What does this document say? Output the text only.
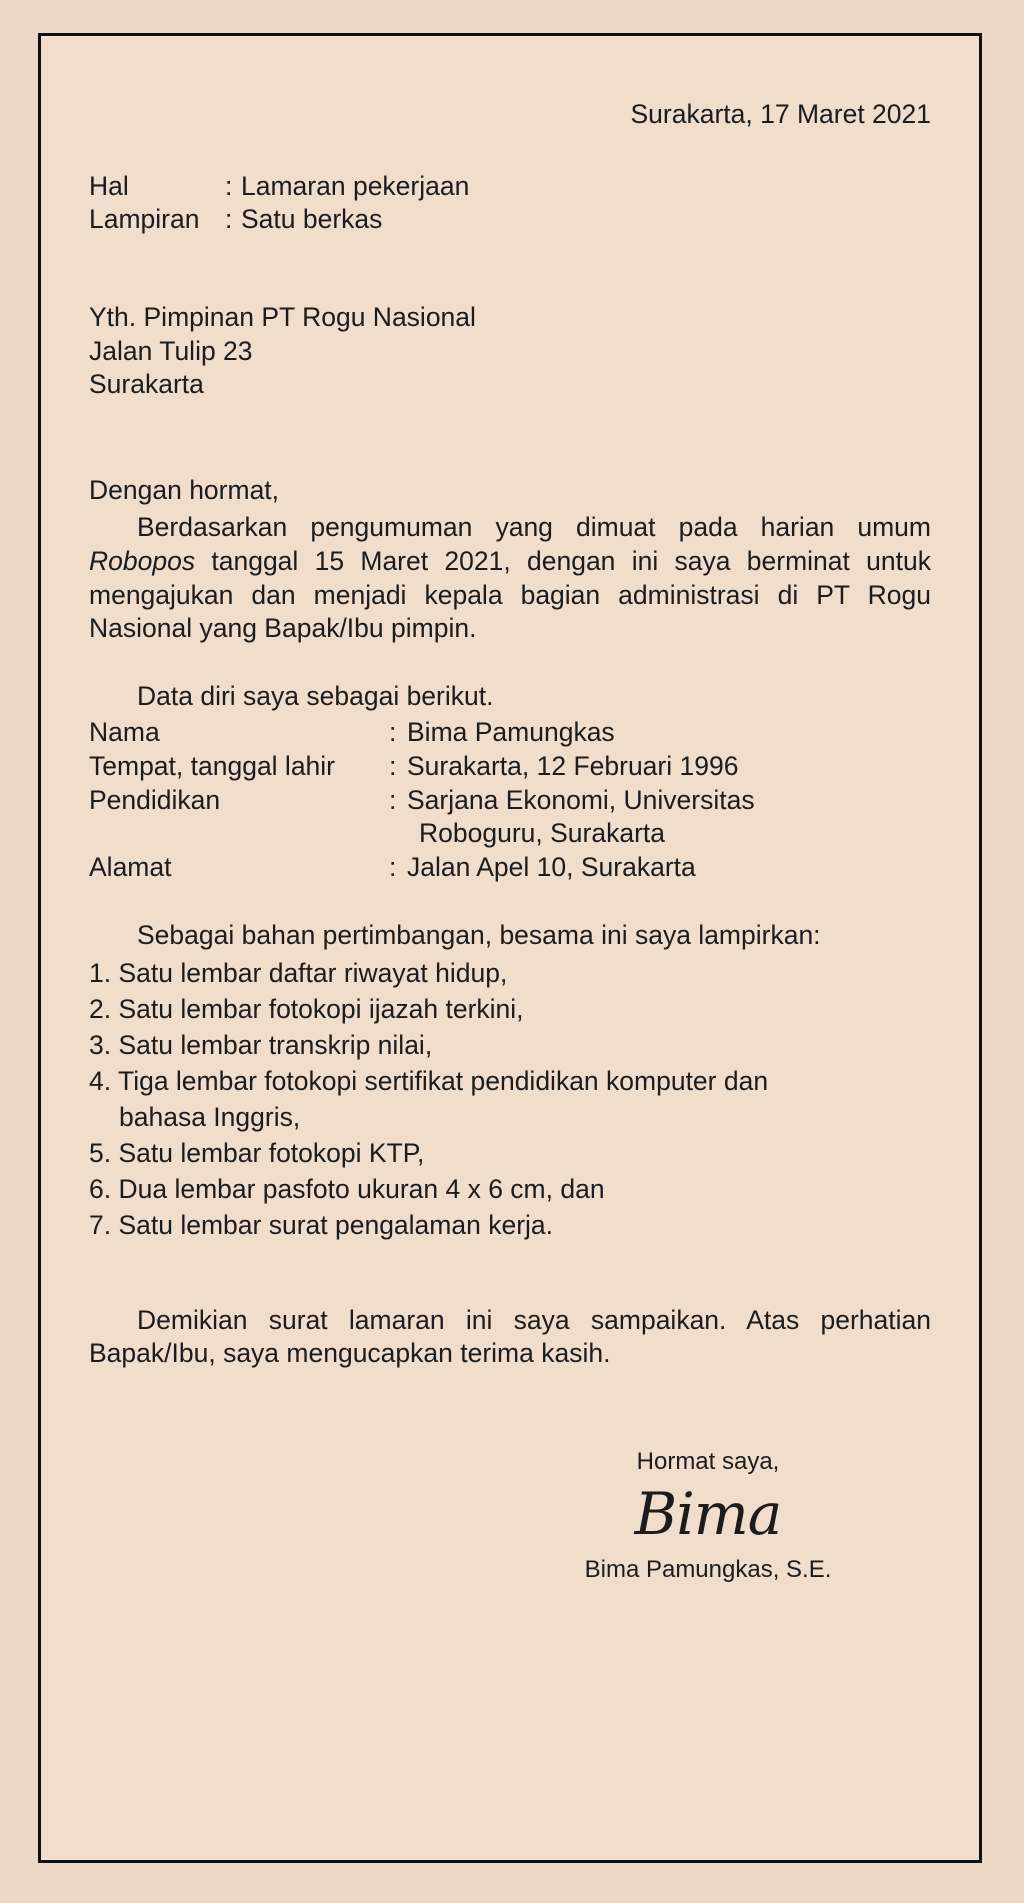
Surakarta, 17 Maret 2021
Hal	: Lamaran pekerjaan
Lampiran : Satu berkas
Yth. Pimpinan PT Rogu Nasional
Jalan Tulip 23
Surakarta
Dengan hormat,

Berdasarkan pengumuman yang dimuat pada harian umum Robopos tanggal 15 Maret 2021, dengan ini saya berminat untuk mengajukan dan menjadi kepala bagian administrasi di PT Rogu Nasional yang Bapak/Ibu pimpin.

Data diri saya sebagai berikut.
Nama	:	Bima Pamungkas
Tempat, tanggal lahir	:	Surakarta, 12 Februari 1996
Pendidikan	:	Sarjana Ekonomi, Universitas
		Roboguru, Surakarta
Alamat	:	Jalan Apel 10, Surakarta
Sebagai bahan pertimbangan, besama ini saya lampirkan:
1. Satu lembar daftar riwayat hidup,
2. Satu lembar fotokopi ijazah terkini,
3. Satu lembar transkrip nilai,
4. Tiga lembar fotokopi sertifikat pendidikan komputer dan
bahasa Inggris,
5. Satu lembar fotokopi KTP,
6. Dua lembar pasfoto ukuran 4 x 6 cm, dan
7. Satu lembar surat pengalaman kerja.

Demikian surat lamaran ini saya sampaikan. Atas perhatian Bapak/Ibu, saya mengucapkan terima kasih.

Hormat saya,
Bima
Bima Pamungkas, S.E.
